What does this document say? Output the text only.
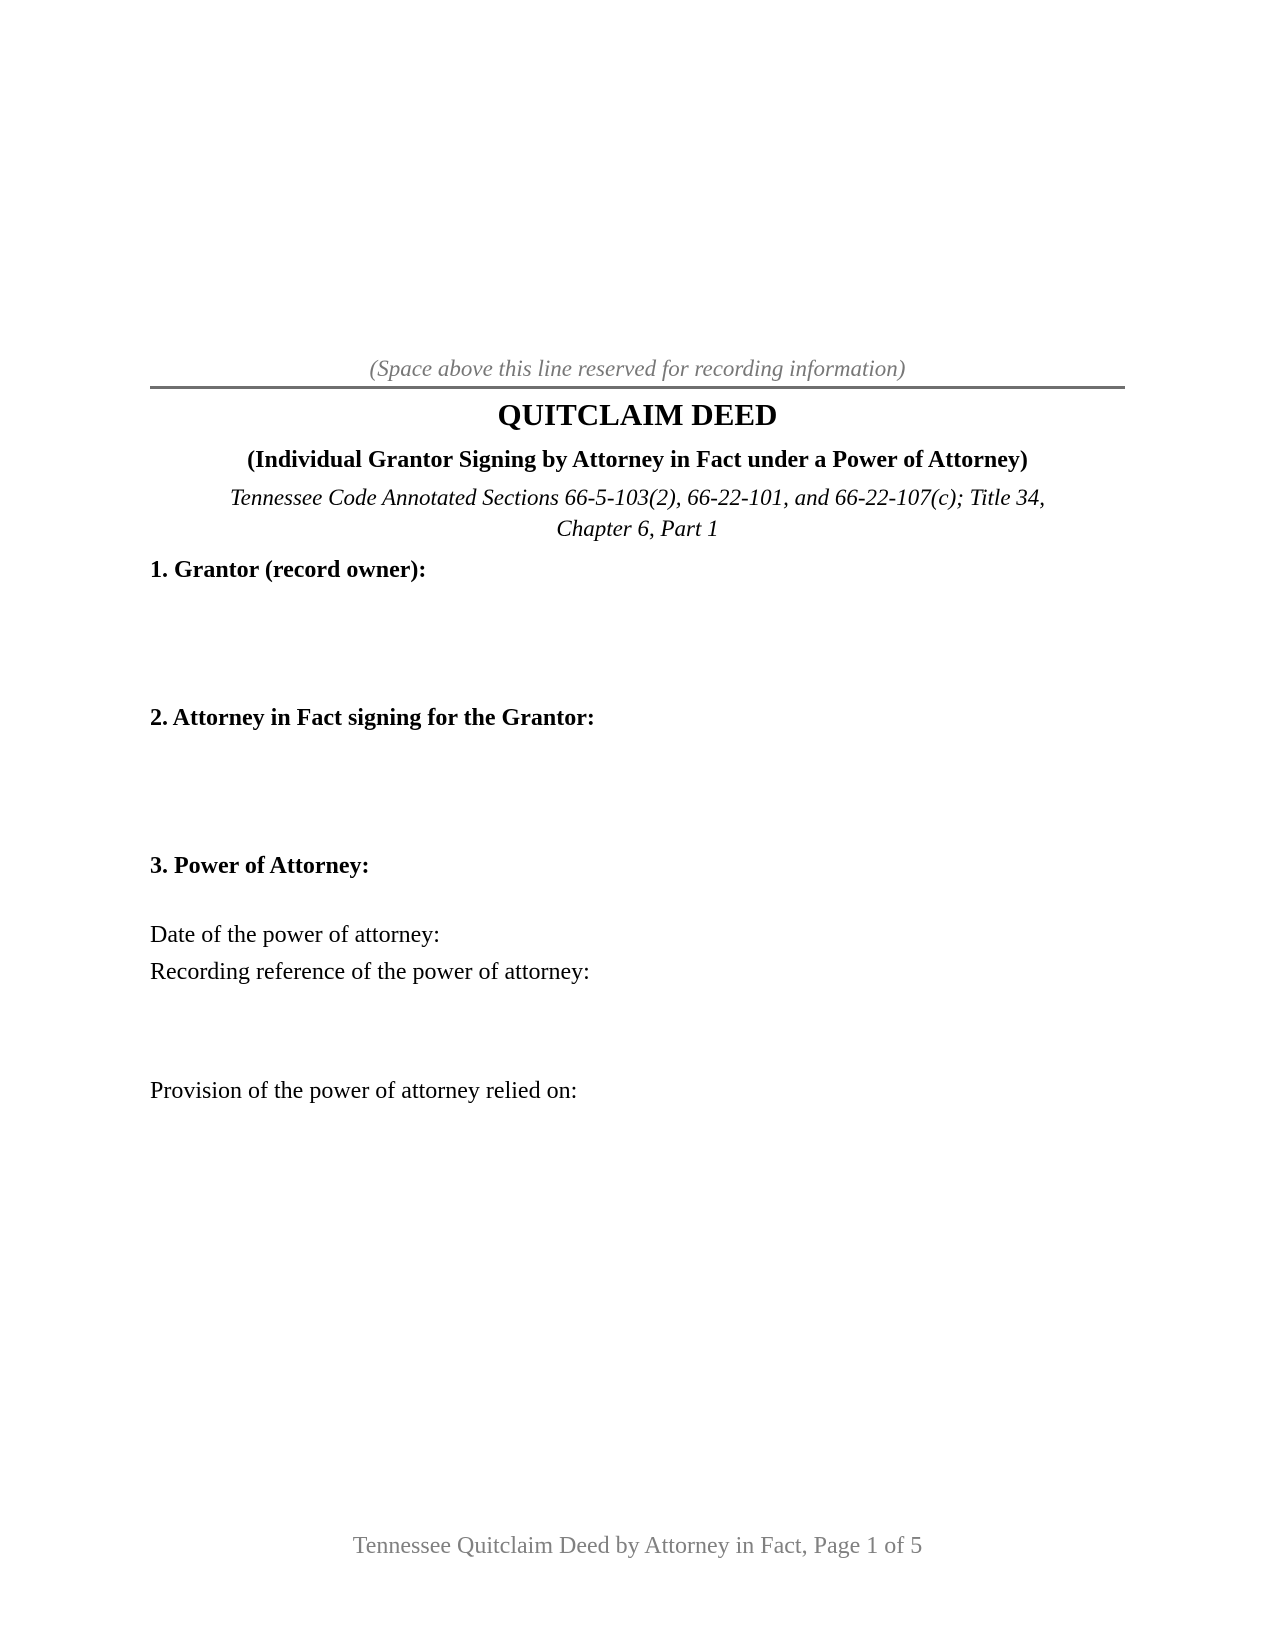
(Space above this line reserved for recording information)
QUITCLAIM DEED
(Individual Grantor Signing by Attorney in Fact under a Power of Attorney)
Tennessee Code Annotated Sections 66-5-103(2), 66-22-101, and 66-22-107(c); Title 34,
Chapter 6, Part 1
1. Grantor (record owner):
2. Attorney in Fact signing for the Grantor:
3. Power of Attorney:
Date of the power of attorney:
Recording reference of the power of attorney:
Provision of the power of attorney relied on:
Tennessee Quitclaim Deed by Attorney in Fact, Page 1 of 5
